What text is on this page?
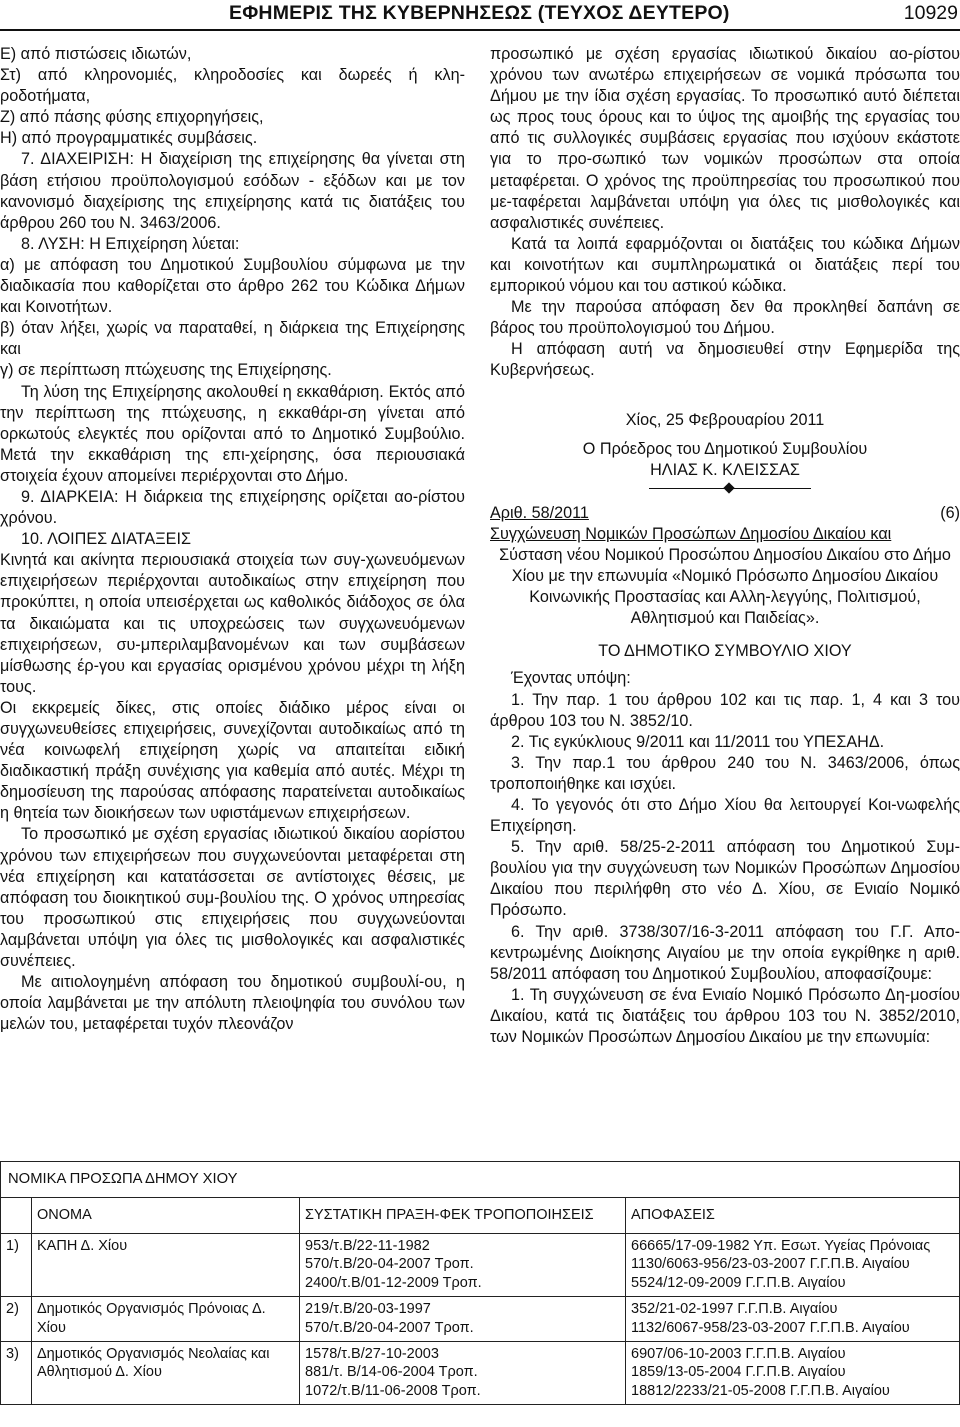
ΕΦΗΜΕΡΙΣ ΤΗΣ ΚΥΒΕΡΝΗΣΕΩΣ (ΤΕΥΧΟΣ ΔΕΥΤΕΡΟ)	10929

Ε) από πιστώσεις ιδιωτών,

Στ) από κληρονομιές, κληροδοσίες και δωρεές ή κλη-ροδοτήματα,

Ζ) από πάσης φύσης επιχορηγήσεις,

Η) από προγραμματικές συμβάσεις.

7. ΔΙΑΧΕΙΡΙΣΗ: Η διαχείριση της επιχείρησης θα γίνεται στη βάση ετήσιου προϋπολογισμού εσόδων - εξόδων και με τον κανονισμό διαχείρισης της επιχείρησης κατά τις διατάξεις του άρθρου 260 του Ν. 3463/2006.

8. ΛΥΣΗ: Η Επιχείρηση λύεται:

α) με απόφαση του Δημοτικού Συμβουλίου σύμφωνα με την διαδικασία που καθορίζεται στο άρθρο 262 του Κώδικα Δήμων και Κοινοτήτων.

β) όταν λήξει, χωρίς να παραταθεί, η διάρκεια της Επιχείρησης και

γ) σε περίπτωση πτώχευσης της Επιχείρησης.

Τη λύση της Επιχείρησης ακολουθεί η εκκαθάριση. Εκτός από την περίπτωση της πτώχευσης, η εκκαθάρι-ση γίνεται από ορκωτούς ελεγκτές που ορίζονται από το Δημοτικό Συμβούλιο. Μετά την εκκαθάριση της επι-χείρησης, όσα περιουσιακά στοιχεία έχουν απομείνει περιέρχονται στο Δήμο.

9. ΔΙΑΡΚΕΙΑ: Η διάρκεια της επιχείρησης ορίζεται αο-ρίστου χρόνου.

10. ΛΟΙΠΕΣ ΔΙΑΤΑΞΕΙΣ

Κινητά και ακίνητα περιουσιακά στοιχεία των συγ-χωνευόμενων επιχειρήσεων περιέρχονται αυτοδικαίως στην επιχείρηση που προκύπτει, η οποία υπεισέρχεται ως καθολικός διάδοχος σε όλα τα δικαιώματα και τις υποχρεώσεις των συγχωνευόμενων επιχειρήσεων, συ-μπεριλαμβανομένων και των συμβάσεων μίσθωσης έρ-γου και εργασίας ορισμένου χρόνου μέχρι τη λήξη τους.

Οι εκκρεμείς δίκες, στις οποίες διάδικο μέρος είναι οι συγχωνευθείσες επιχειρήσεις, συνεχίζονται αυτοδικαίως από τη νέα κοινωφελή επιχείρηση χωρίς να απαιτείται ειδική διαδικαστική πράξη συνέχισης για καθεμία από αυτές. Μέχρι τη δημοσίευση της παρούσας απόφασης παρατείνεται αυτοδικαίως η θητεία των διοικήσεων των υφιστάμενων επιχειρήσεων.

Το προσωπικό με σχέση εργασίας ιδιωτικού δικαίου αορίστου χρόνου των επιχειρήσεων που συγχωνεύονται μεταφέρεται στη νέα επιχείρηση και κατατάσσεται σε αντίστοιχες θέσεις, με απόφαση του διοικητικού συμ-βουλίου της. Ο χρόνος υπηρεσίας του προσωπικού στις επιχειρήσεις που συγχωνεύονται λαμβάνεται υπόψη για όλες τις μισθολογικές και ασφαλιστικές συνέπειες.

Με αιτιολογημένη απόφαση του δημοτικού συμβουλί-ου, η οποία λαμβάνεται με την απόλυτη πλειοψηφία του συνόλου των μελών του, μεταφέρεται τυχόν πλεονάζον

προσωπικό με σχέση εργασίας ιδιωτικού δικαίου αο-ρίστου χρόνου των ανωτέρω επιχειρήσεων σε νομικά πρόσωπα του Δήμου με την ίδια σχέση εργασίας. Το προσωπικό αυτό διέπεται ως προς τους όρους και το ύψος της αμοιβής της εργασίας του από τις συλλογικές συμβάσεις εργασίας που ισχύουν εκάστοτε για το προ-σωπικό των νομικών προσώπων στα οποία μεταφέρεται. Ο χρόνος της προϋπηρεσίας του προσωπικού που με-ταφέρεται λαμβάνεται υπόψη για όλες τις μισθολογικές και ασφαλιστικές συνέπειες.

Κατά τα λοιπά εφαρμόζονται οι διατάξεις του κώδικα Δήμων και κοινοτήτων και συμπληρωματικά οι διατάξεις περί του εμπορικού νόμου και του αστικού κώδικα.

Με την παρούσα απόφαση δεν θα προκληθεί δαπάνη σε βάρος του προϋπολογισμού του Δήμου.

Η απόφαση αυτή να δημοσιευθεί στην Εφημερίδα της Κυβερνήσεως.

Χίος, 25 Φεβρουαρίου 2011

Ο Πρόεδρος του Δημοτικού Συμβουλίου

ΗΛΙΑΣ Κ. ΚΛΕΙΣΣΑΣ

Αριθ. 58/2011	(6)

Συγχώνευση Νομικών Προσώπων Δημοσίου Δικαίου και

Σύσταση νέου Νομικού Προσώπου Δημοσίου Δικαίου στο Δήμο Χίου με την επωνυμία «Νομικό Πρόσωπο Δημοσίου Δικαίου Κοινωνικής Προστασίας και Αλλη-λεγγύης, Πολιτισμού, Αθλητισμού και Παιδείας».

ΤΟ ΔΗΜΟΤΙΚΟ ΣΥΜΒΟΥΛΙΟ ΧΙΟΥ

Έχοντας υπόψη:

1. Την παρ. 1 του άρθρου 102 και τις παρ. 1, 4 και 3 του άρθρου 103 του Ν. 3852/10.

2. Τις εγκύκλιους 9/2011 και 11/2011 του ΥΠΕΣΑΗΔ.

3. Την παρ.1 του άρθρου 240 του Ν. 3463/2006, όπως τροποποιήθηκε και ισχύει.

4. Το γεγονός ότι στο Δήμο Χίου θα λειτουργεί Κοι-νωφελής Επιχείρηση.

5. Την αριθ. 58/25-2-2011 απόφαση του Δημοτικού Συμ-βουλίου για την συγχώνευση των Νομικών Προσώπων Δημοσίου Δικαίου που περιλήφθη στο νέο Δ. Χίου, σε Ενιαίο Νομικό Πρόσωπο.

6. Την αριθ. 3738/307/16-3-2011 απόφαση του Γ.Γ. Απο-κεντρωμένης Διοίκησης Αιγαίου με την οποία εγκρίθηκε η αριθ. 58/2011 απόφαση του Δημοτικού Συμβουλίου, αποφασίζουμε:

1. Τη συγχώνευση σε ένα Ενιαίο Νομικό Πρόσωπο Δη-μοσίου Δικαίου, κατά τις διατάξεις του άρθρου 103 του Ν. 3852/2010, των Νομικών Προσώπων Δημοσίου Δικαίου με την επωνυμία:

ΝΟΜΙΚΑ ΠΡΟΣΩΠΑ ΔΗΜΟΥ ΧΙΟΥ			
	ΟΝΟΜΑ	ΣΥΣΤΑΤΙΚΗ ΠΡΑΞΗ-ΦΕΚ ΤΡΟΠΟΠΟΙΗΣΕΙΣ	ΑΠΟΦΑΣΕΙΣ
1)	ΚΑΠΗ Δ. Χίου	953/τ.Β/22-11-1982
570/τ.Β/20-04-2007 Τροπ.
2400/τ.Β/01-12-2009 Τροπ.	66665/17-09-1982 Υπ. Εσωτ. Υγείας Πρόνοιας
1130/6063-956/23-03-2007 Γ.Γ.Π.Β. Αιγαίου
5524/12-09-2009 Γ.Γ.Π.Β. Αιγαίου

2)	Δημοτικός Οργανισμός Πρόνοιας Δ. Χίου	219/τ.Β/20-03-1997
570/τ.Β/20-04-2007 Τροπ.	352/21-02-1997 Γ.Γ.Π.Β. Αιγαίου
1132/6067-958/23-03-2007 Γ.Γ.Π.Β. Αιγαίου

3)	Δημοτικός Οργανισμός Νεολαίας και Αθλητισμού Δ. Χίου	1578/τ.Β/27-10-2003
881/τ. Β/14-06-2004 Τροπ.
1072/τ.Β/11-06-2008 Τροπ.	6907/06-10-2003 Γ.Γ.Π.Β. Αιγαίου
1859/13-05-2004 Γ.Γ.Π.Β. Αιγαίου
18812/2233/21-05-2008 Γ.Γ.Π.Β. Αιγαίου
